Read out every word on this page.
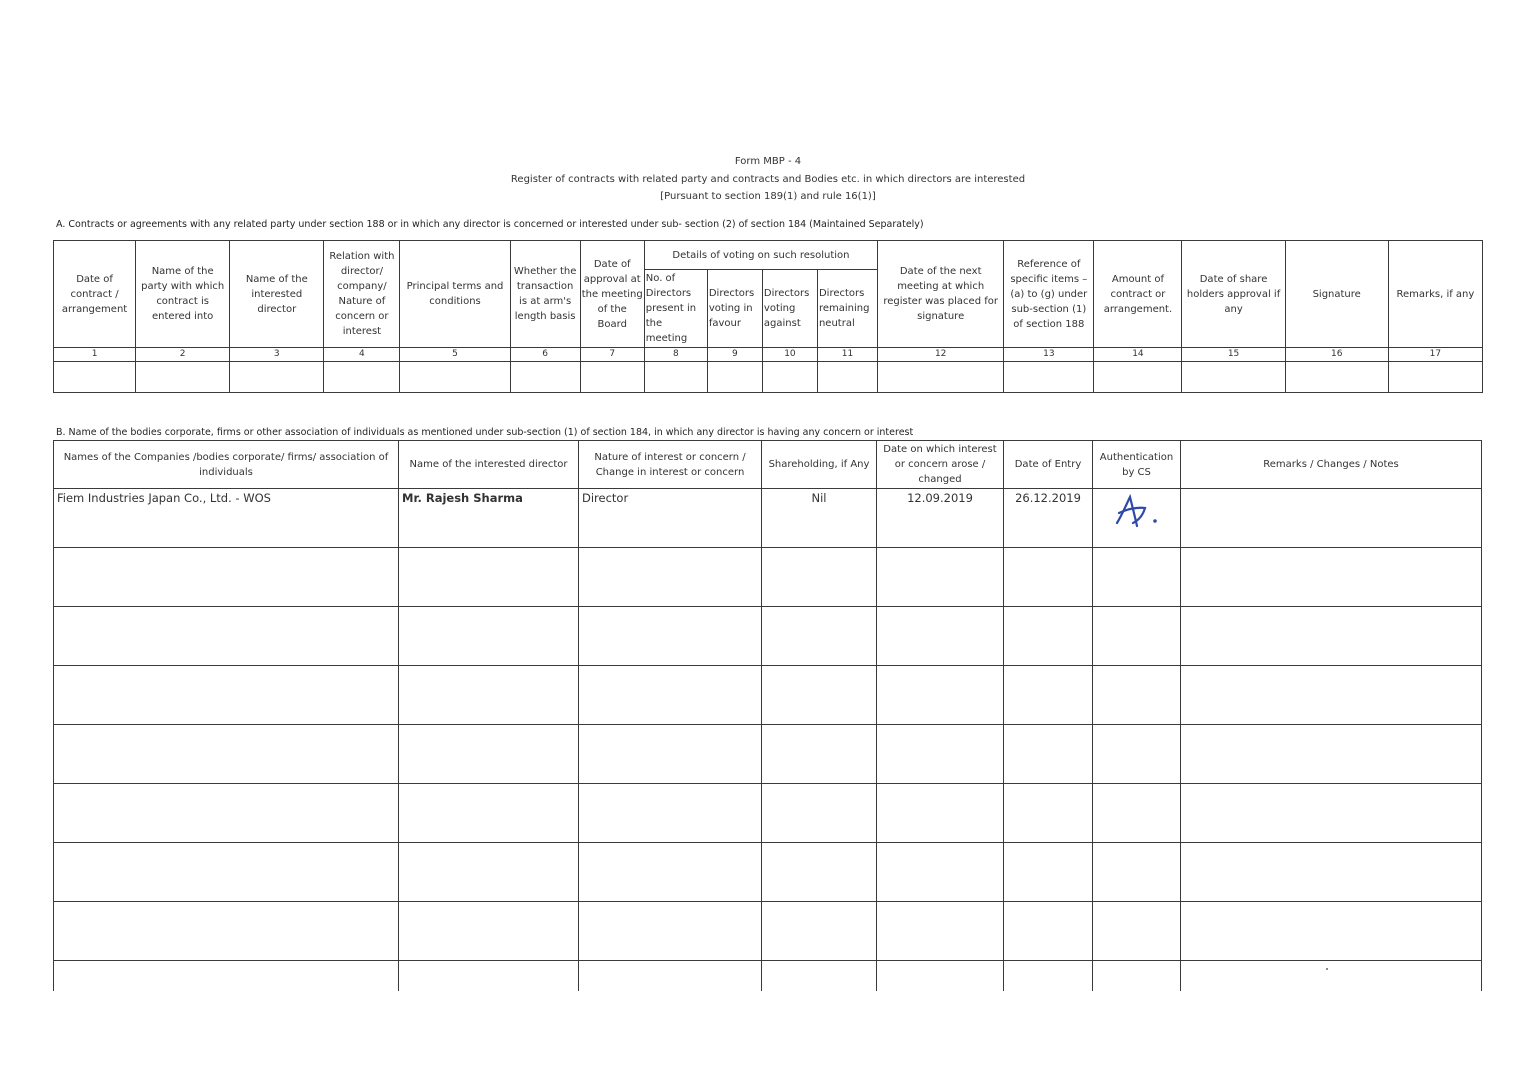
Form MBP - 4
Register of contracts with related party and contracts and Bodies etc. in which directors are interested
[Pursuant to section 189(1) and rule 16(1)]
A. Contracts or agreements with any related party under section 188 or in which any director is concerned or interested under sub- section (2) of section 184 (Maintained Separately)
Date of contract / arrangement	Name of the party with which contract is entered into	Name of the interested director	Relation with director/ company/ Nature of concern or interest	Principal terms and conditions	Whether the transaction is at arm's length basis	Date of approval at the meeting of the Board	Details of voting on such resolution				Date of the next meeting at which register was placed for signature	Reference of specific items – (a) to (g) under sub-section (1) of section 188	Amount of contract or arrangement.	Date of share holders approval if any	Signature	Remarks, if any
							No. of Directors present in the meeting	Directors voting in favour	Directors voting against	Directors remaining neutral						
1	2	3	4	5	6	7	8	9	10	11	12	13	14	15	16	17

B. Name of the bodies corporate, firms or other association of individuals as mentioned under sub-section (1) of section 184, in which any director is having any concern or interest
Names of the Companies /bodies corporate/ firms/ association of individuals	Name of the interested director	Nature of interest or concern / Change in interest or concern	Shareholding, if Any	Date on which interest or concern arose / changed	Date of Entry	Authentication by CS	Remarks / Changes / Notes
Fiem Industries Japan Co., Ltd. - WOS	Mr. Rajesh Sharma	Director	Nil	12.09.2019	26.12.2019	
